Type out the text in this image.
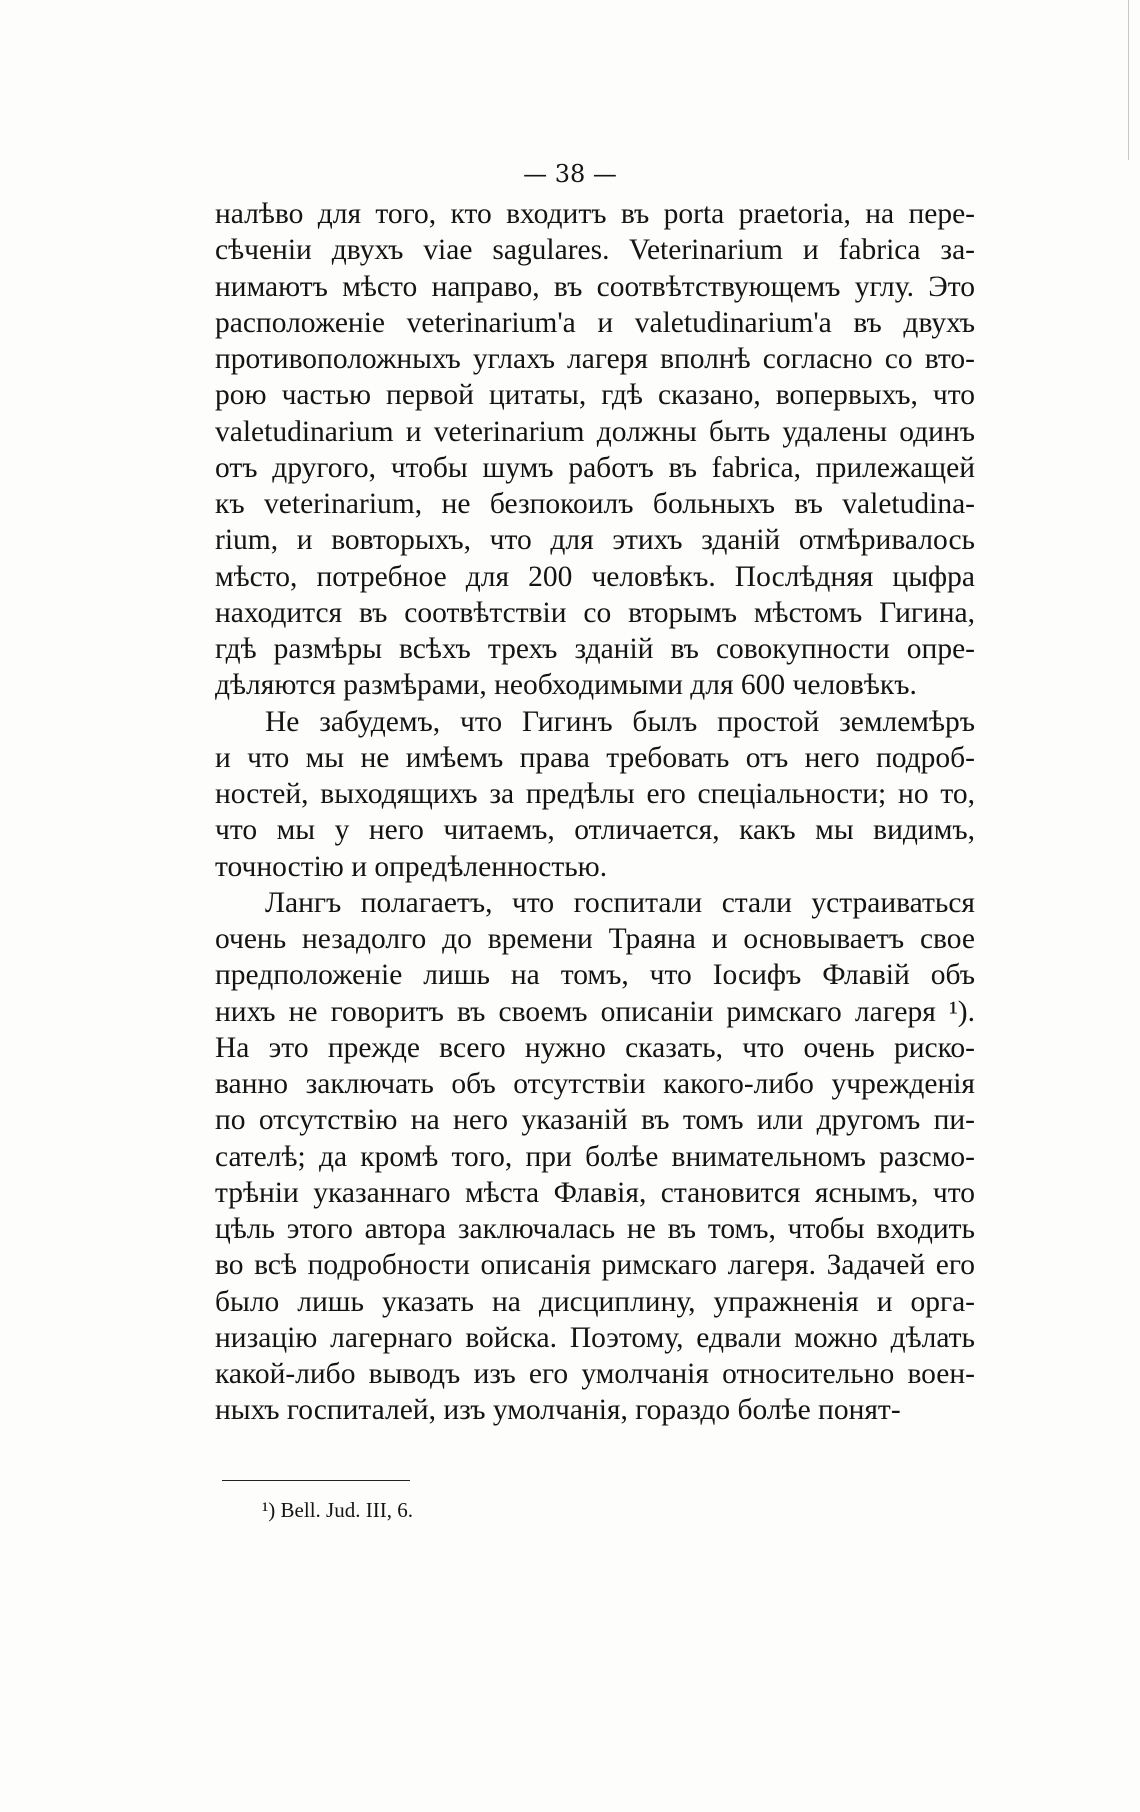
— 38 —
налѣво для того, кто входитъ въ porta praetoria, на пере-
сѣченіи двухъ viae sagulares. Veterinarium и fabrica за-
нимаютъ мѣсто направо, въ соотвѣтствующемъ углу. Это
расположеніе veterinarium'а и valetudinarium'а въ двухъ
противоположныхъ углахъ лагеря вполнѣ согласно со вто-
рою частью первой цитаты, гдѣ сказано, вопервыхъ, что
valetudinarium и veterinarium должны быть удалены одинъ
отъ другого, чтобы шумъ работъ въ fabrica, прилежащей
къ veterinarium, не безпокоилъ больныхъ въ valetudina-
rium, и вовторыхъ, что для этихъ зданій отмѣривалось
мѣсто, потребное для 200 человѣкъ. Послѣдняя цыфра
находится въ соотвѣтствіи со вторымъ мѣстомъ Гигина,
гдѣ размѣры всѣхъ трехъ зданій въ совокупности опре-
дѣляются размѣрами, необходимыми для 600 человѣкъ.
Не забудемъ, что Гигинъ былъ простой землемѣръ
и что мы не имѣемъ права требовать отъ него подроб-
ностей, выходящихъ за предѣлы его спеціальности; но то,
что мы у него читаемъ, отличается, какъ мы видимъ,
точностію и опредѣленностью.
Лангъ полагаетъ, что госпитали стали устраиваться
очень незадолго до времени Траяна и основываетъ свое
предположеніе лишь на томъ, что Іосифъ Флавій объ
нихъ не говоритъ въ своемъ описаніи римскаго лагеря ¹).
На это прежде всего нужно сказать, что очень риско-
ванно заключать объ отсутствіи какого-либо учрежденія
по отсутствію на него указаній въ томъ или другомъ пи-
сателѣ; да кромѣ того, при болѣе внимательномъ разсмо-
трѣніи указаннаго мѣста Флавія, становится яснымъ, что
цѣль этого автора заключалась не въ томъ, чтобы входить
во всѣ подробности описанія римскаго лагеря. Задачей его
было лишь указать на дисциплину, упражненія и орга-
низацію лагернаго войска. Поэтому, едвали можно дѣлать
какой-либо выводъ изъ его умолчанія относительно воен-
ныхъ госпиталей, изъ умолчанія, гораздо болѣе понят-
¹) Bell. Jud. III, 6.
